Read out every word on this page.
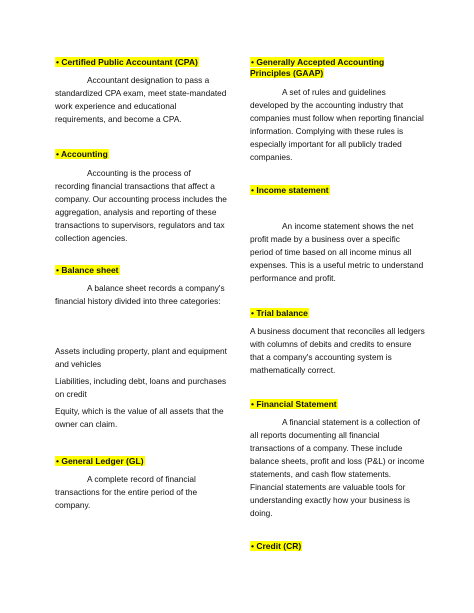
• Certified Public Accountant (CPA)

Accountant designation to pass a standardized CPA exam, meet state-mandated work experience and educational requirements, and become a CPA.

• Accounting

Accounting is the process of recording financial transactions that affect a company. Our accounting process includes the aggregation, analysis and reporting of these transactions to supervisors, regulators and tax collection agencies.

• Balance sheet

A balance sheet records a company's financial history divided into three categories:

Assets including property, plant and equipment and vehicles

Liabilities, including debt, loans and purchases on credit

Equity, which is the value of all assets that the owner can claim.

• General Ledger (GL)

A complete record of financial transactions for the entire period of the company.

• Generally Accepted Accounting Principles (GAAP)

A set of rules and guidelines developed by the accounting industry that companies must follow when reporting financial information. Complying with these rules is especially important for all publicly traded companies.

• Income statement

An income statement shows the net profit made by a business over a specific period of time based on all income minus all expenses. This is a useful metric to understand performance and profit.

• Trial balance

A business document that reconciles all ledgers with columns of debits and credits to ensure that a company's accounting system is mathematically correct.

• Financial Statement

A financial statement is a collection of all reports documenting all financial transactions of a company. These include balance sheets, profit and loss (P&L) or income statements, and cash flow statements. Financial statements are valuable tools for understanding exactly how your business is doing.

• Credit (CR)
